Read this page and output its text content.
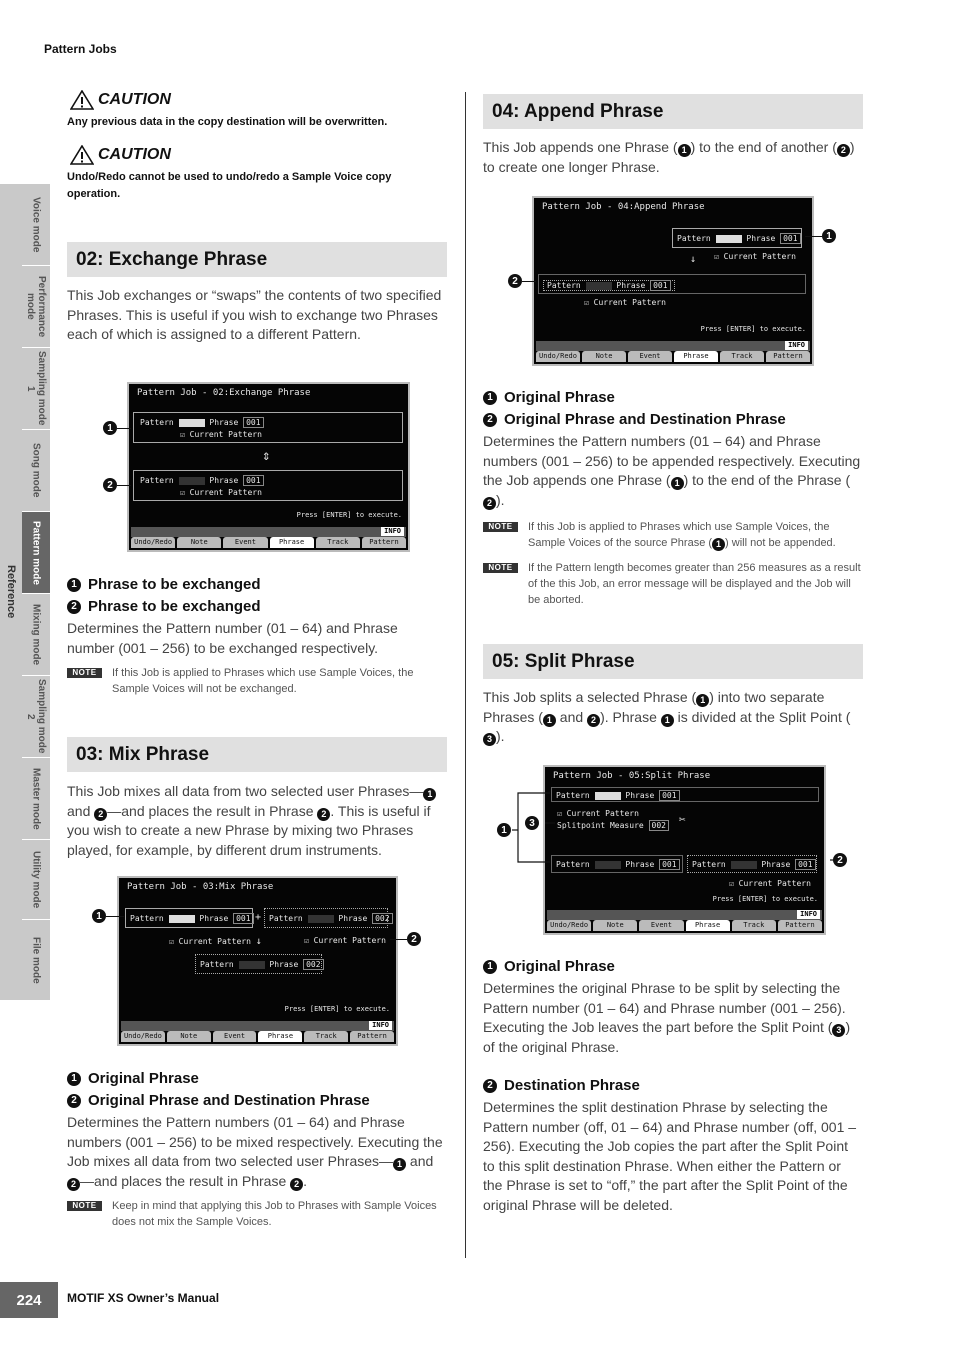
Pattern Jobs
Voice mode
Performance mode
Sampling mode 1
Song mode
Pattern mode
Mixing mode
Sampling mode 2
Master mode
Utility mode
File mode
Reference
CAUTION
Any previous data in the copy destination will be overwritten.
CAUTION
Undo/Redo cannot be used to undo/redo a Sample Voice copy operation.
02: Exchange Phrase
This Job exchanges or “swaps” the contents of two specified Phrases. This is useful if you wish to exchange two Phrases each of which is assigned to a different Pattern.
Pattern Job - 02:Exchange Phrase
Pattern	Phrase 001
☑ Current Pattern
⇕
Pattern	Phrase 001
☑ Current Pattern
Press [ENTER] to execute.
INFO
Undo/Redo	Note	Event	Phrase	Track	Pattern
1
2
1 Phrase to be exchanged
2 Phrase to be exchanged
Determines the Pattern number (01 – 64) and Phrase number (001 – 256) to be exchanged respectively.
NOTE	If this Job is applied to Phrases which use Sample Voices, the Sample Voices will not be exchanged.
03: Mix Phrase
This Job mixes all data from two selected user Phrases— 1 and 2 —and places the result in Phrase 2 . This is useful if you wish to create a new Phrase by mixing two Phrases played, for example, by different drum instruments.
Pattern Job - 03:Mix Phrase
Pattern	Phrase 001 + Pattern	Phrase 002
☑ Current Pattern ↓	☑ Current Pattern
Pattern	Phrase 002
Press [ENTER] to execute.
INFO
Undo/Redo	Note	Event	Phrase	Track	Pattern
1
2
1 Original Phrase
2 Original Phrase and Destination Phrase
Determines the Pattern numbers (01 – 64) and Phrase numbers (001 – 256) to be mixed respectively. Executing the Job mixes all data from two selected user Phrases— 1 and 2 —and places the result in Phrase 2 .
NOTE	Keep in mind that applying this Job to Phrases with Sample Voices does not mix the Sample Voices.
04: Append Phrase
This Job appends one Phrase ( 1 ) to the end of another ( 2 ) to create one longer Phrase.
Pattern Job - 04:Append Phrase
Pattern	Phrase 001
↓ ☑ Current Pattern
Pattern	Phrase 001
☑ Current Pattern
Press [ENTER] to execute.
INFO
Undo/Redo	Note	Event	Phrase	Track	Pattern
1
2
1 Original Phrase
2 Original Phrase and Destination Phrase
Determines the Pattern numbers (01 – 64) and Phrase numbers (001 – 256) to be appended respectively. Executing the Job appends one Phrase ( 1 ) to the end of the Phrase (2 ).
NOTE	If this Job is applied to Phrases which use Sample Voices, the Sample Voices of the source Phrase ( 1 ) will not be appended.
NOTE	If the Pattern length becomes greater than 256 measures as a result of the this Job, an error message will be displayed and the Job will be aborted.
05: Split Phrase
This Job splits a selected Phrase ( 1 ) into two separate Phrases ( 1 and 2 ). Phrase 1 is divided at the Split Point (3 ).
Pattern Job - 05:Split Phrase
Pattern	Phrase 001
☑ Current Pattern
Splitpoint Measure 002 ✂
Pattern	Phrase 001	Pattern	Phrase 001
☑ Current Pattern
Press [ENTER] to execute.
INFO
Undo/Redo	Note	Event	Phrase	Track	Pattern
1
3
2
1 Original Phrase
Determines the original Phrase to be split by selecting the Pattern number (01 – 64) and Phrase number (001 – 256). Executing the Job leaves the part before the Split Point ( 3 ) of the original Phrase.
2 Destination Phrase
Determines the split destination Phrase by selecting the Pattern number (off, 01 – 64) and Phrase number (off, 001 – 256). Executing the Job copies the part after the Split Point to this split destination Phrase. When either the Pattern or the Phrase is set to “off,” the part after the Split Point of the original Phrase will be deleted.
224	MOTIF XS Owner’s Manual
